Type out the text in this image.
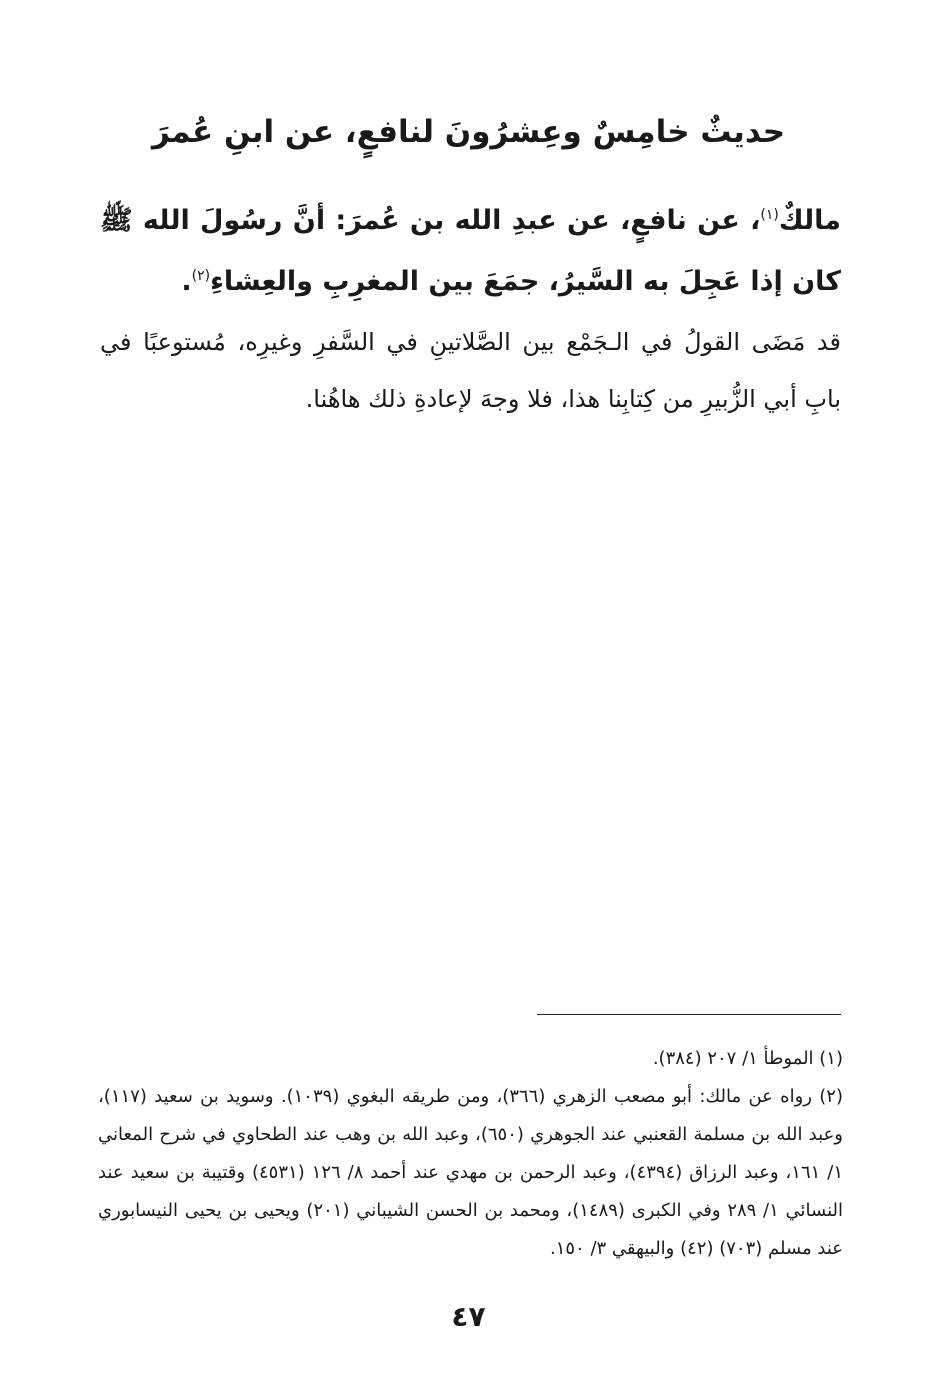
حديثٌ خامِسٌ وعِشرُونَ لنافعٍ، عن ابنِ عُمرَ

مالكٌ$^{(١)}$، عن نافعٍ، عن عبدِ الله بن عُمرَ: أنَّ رسُولَ الله ﷺ كان إذا عَجِلَ به السَّيرُ، جمَعَ بين المغرِبِ والعِشاءِ$^{(٢)}$.

قد مَضَى القولُ في الـجَمْع بين الصَّلاتينِ في السَّفرِ وغيرِه، مُستوعبًا في بابِ أبي الزُّبيرِ من كِتابِنا هذا، فلا وجهَ لإعادةِ ذلك هاهُنا.

(١) الموطأ ١/ ٢٠٧ (٣٨٤).

(٢) رواه عن مالك: أبو مصعب الزهري (٣٦٦)، ومن طريقه البغوي (١٠٣٩). وسويد بن سعيد (١١٧)، وعبد الله بن مسلمة القعنبي عند الجوهري (٦٥٠)، وعبد الله بن وهب عند الطحاوي في شرح المعاني ١/ ١٦١، وعبد الرزاق (٤٣٩٤)، وعبد الرحمن بن مهدي عند أحمد ٨/ ١٢٦ (٤٥٣١) وقتيبة بن سعيد عند النسائي ١/ ٢٨٩ وفي الكبرى (١٤٨٩)، ومحمد بن الحسن الشيباني (٢٠١) ويحيى بن يحيى النيسابوري عند مسلم (٧٠٣) (٤٢) والبيهقي ٣/ ١٥٠.

٤٧
